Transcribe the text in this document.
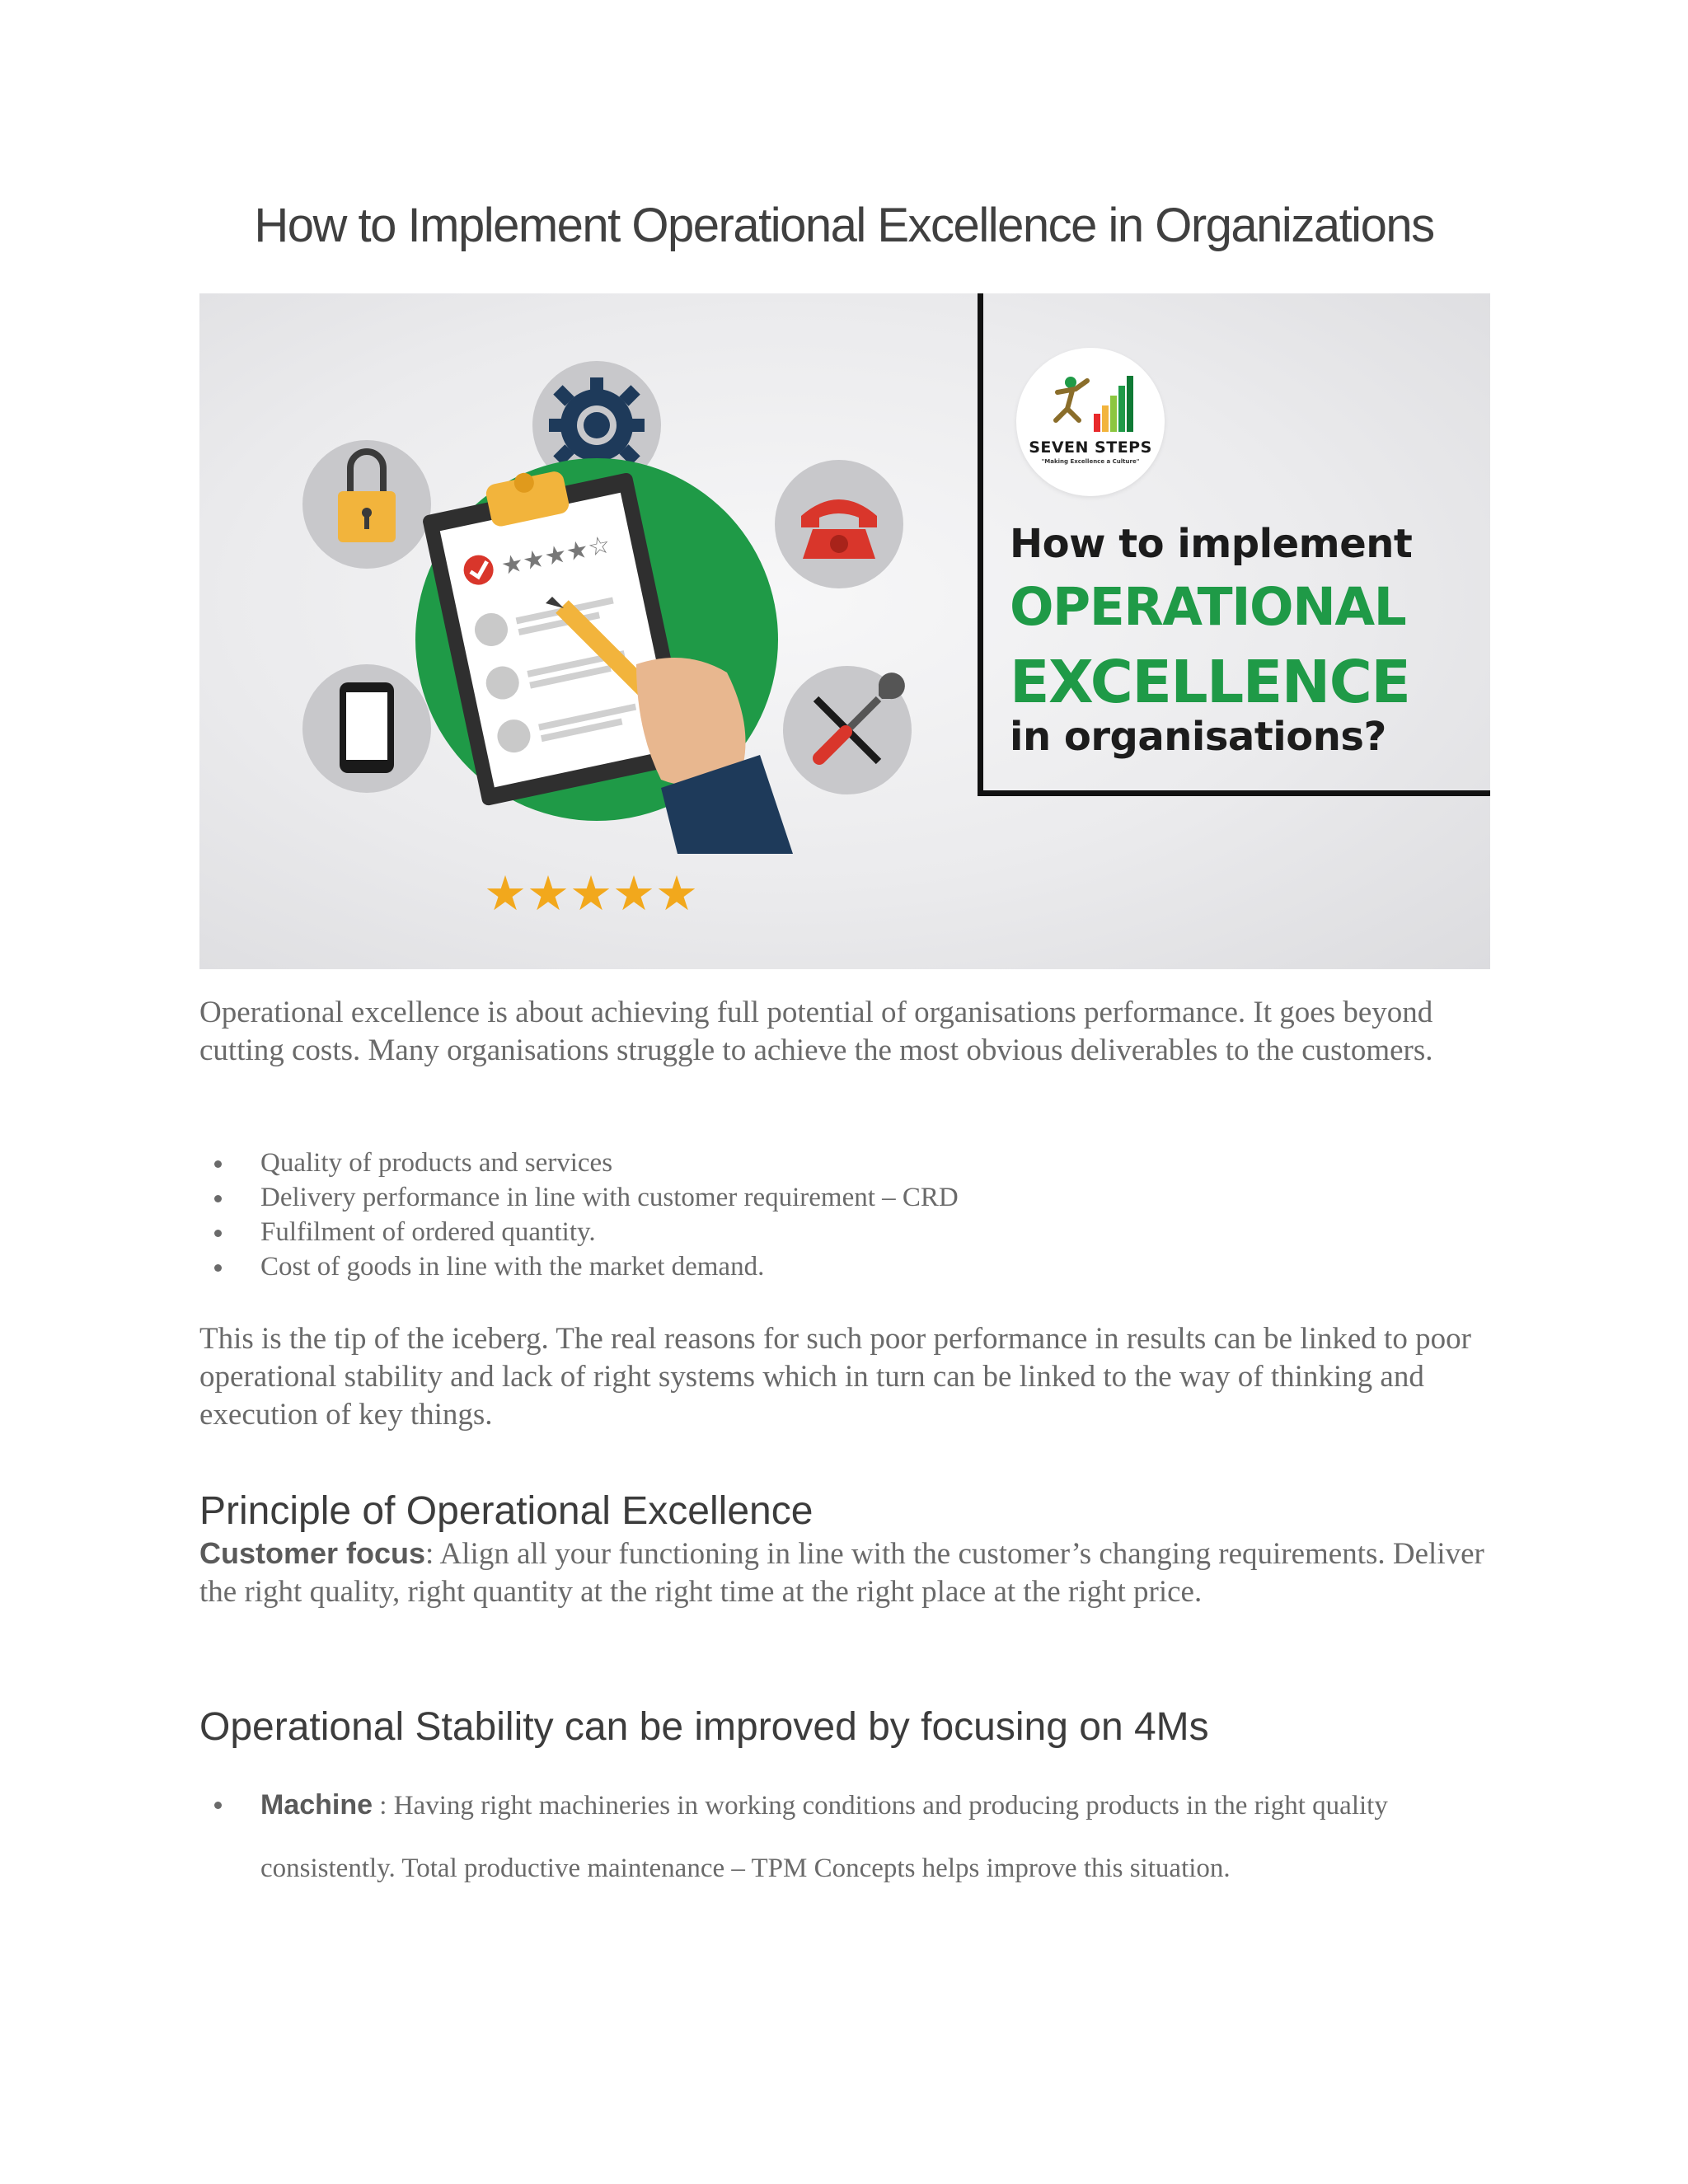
How to Implement Operational Excellence in Organizations
★★★★☆
★★★★★
SEVEN STEPS
"Making Excellence a Culture"

How to implement

OPERATIONAL

EXCELLENCE

in organisations?

Operational excellence is about achieving full potential of organisations performance. It goes beyond cutting costs. Many organisations struggle to achieve the most obvious deliverables to the customers.

Quality of products and services
Delivery performance in line with customer requirement – CRD
Fulfilment of ordered quantity.
Cost of goods in line with the market demand.

This is the tip of the iceberg. The real reasons for such poor performance in results can be linked to poor operational stability and lack of right systems which in turn can be linked to the way of thinking and execution of key things.

Principle of Operational Excellence

Customer focus: Align all your functioning in line with the customer’s changing requirements. Deliver the right quality, right quantity at the right time at the right place at the right price.

Operational Stability can be improved by focusing on 4Ms
Machine : Having right machineries in working conditions and producing products in the right quality consistently. Total productive maintenance – TPM Concepts helps improve this situation.
